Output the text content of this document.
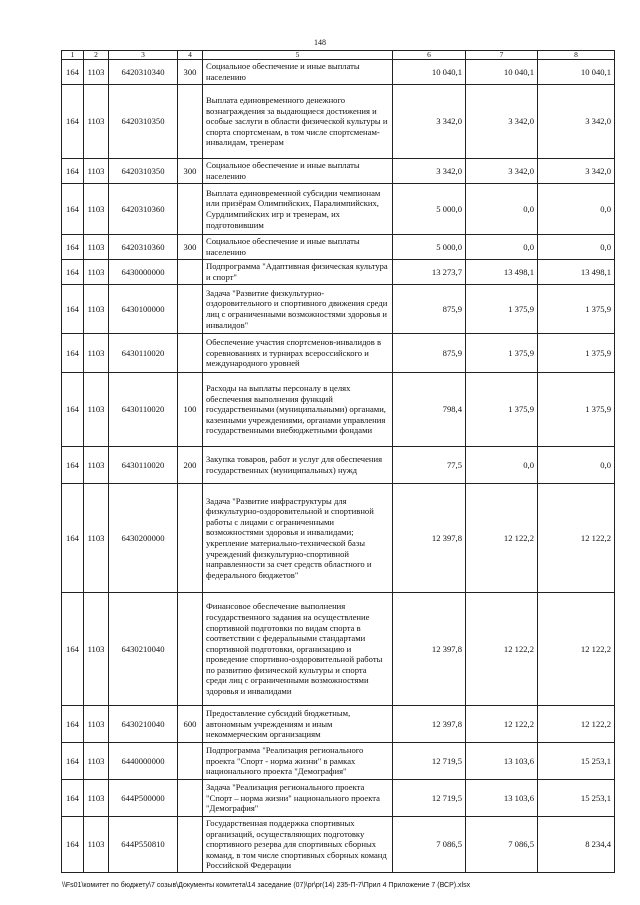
148
1	2	3	4	5	6	7	8
164	1103	6420310340	300	Социальное обеспечение и иные выплаты населению	10 040,1	10 040,1	10 040,1
164	1103	6420310350		Выплата единовременного денежного вознаграждения за выдающиеся достижения и особые заслуги в области физической культуры и спорта спортсменам, в том числе спортсменам-инвалидам, тренерам	3 342,0	3 342,0	3 342,0
164	1103	6420310350	300	Социальное обеспечение и иные выплаты населению	3 342,0	3 342,0	3 342,0
164	1103	6420310360		Выплата единовременной субсидии чемпионам или призёрам Олимпийских, Паралимпийских, Сурдлимпийских игр и тренерам, их подготовившим	5 000,0	0,0	0,0
164	1103	6420310360	300	Социальное обеспечение и иные выплаты населению	5 000,0	0,0	0,0
164	1103	6430000000		Подпрограмма "Адаптивная физическая культура и спорт"	13 273,7	13 498,1	13 498,1
164	1103	6430100000		Задача "Развитие физкультурно-оздоровительного и спортивного движения среди лиц с ограниченными возможностями здоровья и инвалидов"	875,9	1 375,9	1 375,9
164	1103	6430110020		Обеспечение участия спортсменов-инвалидов в соревнованиях и турнирах всероссийского и международного уровней	875,9	1 375,9	1 375,9
164	1103	6430110020	100	Расходы на выплаты персоналу в целях обеспечения выполнения функций государственными (муниципальными) органами, казенными учреждениями, органами управления государственными внебюджетными фондами	798,4	1 375,9	1 375,9
164	1103	6430110020	200	Закупка товаров, работ и услуг для обеспечения государственных (муниципальных) нужд	77,5	0,0	0,0
164	1103	6430200000		Задача "Развитие инфраструктуры для физкультурно-оздоровительной и спортивной работы с лицами с ограниченными возможностями здоровья и инвалидами; укрепление материально-технической базы учреждений физкультурно-спортивной направленности за счет средств областного и федерального бюджетов"	12 397,8	12 122,2	12 122,2
164	1103	6430210040		Финансовое обеспечение выполнения государственного задания на осуществление спортивной подготовки по видам спорта в соответствии с федеральными стандартами спортивной подготовки, организацию и проведение спортивно-оздоровительной работы по развитию физической культуры и спорта среди лиц с ограниченными возможностями здоровья и инвалидами	12 397,8	12 122,2	12 122,2
164	1103	6430210040	600	Предоставление субсидий бюджетным, автономным учреждениям и иным некоммерческим организациям	12 397,8	12 122,2	12 122,2
164	1103	6440000000		Подпрограмма "Реализация регионального проекта "Спорт - норма жизни" в рамках национального проекта "Демография"	12 719,5	13 103,6	15 253,1
164	1103	644P500000		Задача "Реализация регионального проекта "Спорт – норма жизни" национального проекта "Демография"	12 719,5	13 103,6	15 253,1
164	1103	644P550810		Государственная поддержка спортивных организаций, осуществляющих подготовку спортивного резерва для спортивных сборных команд, в том числе спортивных сборных команд Российской Федерации	7 086,5	7 086,5	8 234,4
\\Fs01\комитет по бюджету\7 созыв\Документы комитета\14 заседание (07)\pr\pr(14) 235-П-7\Прил 4 Приложение 7 (ВСР).xlsx
